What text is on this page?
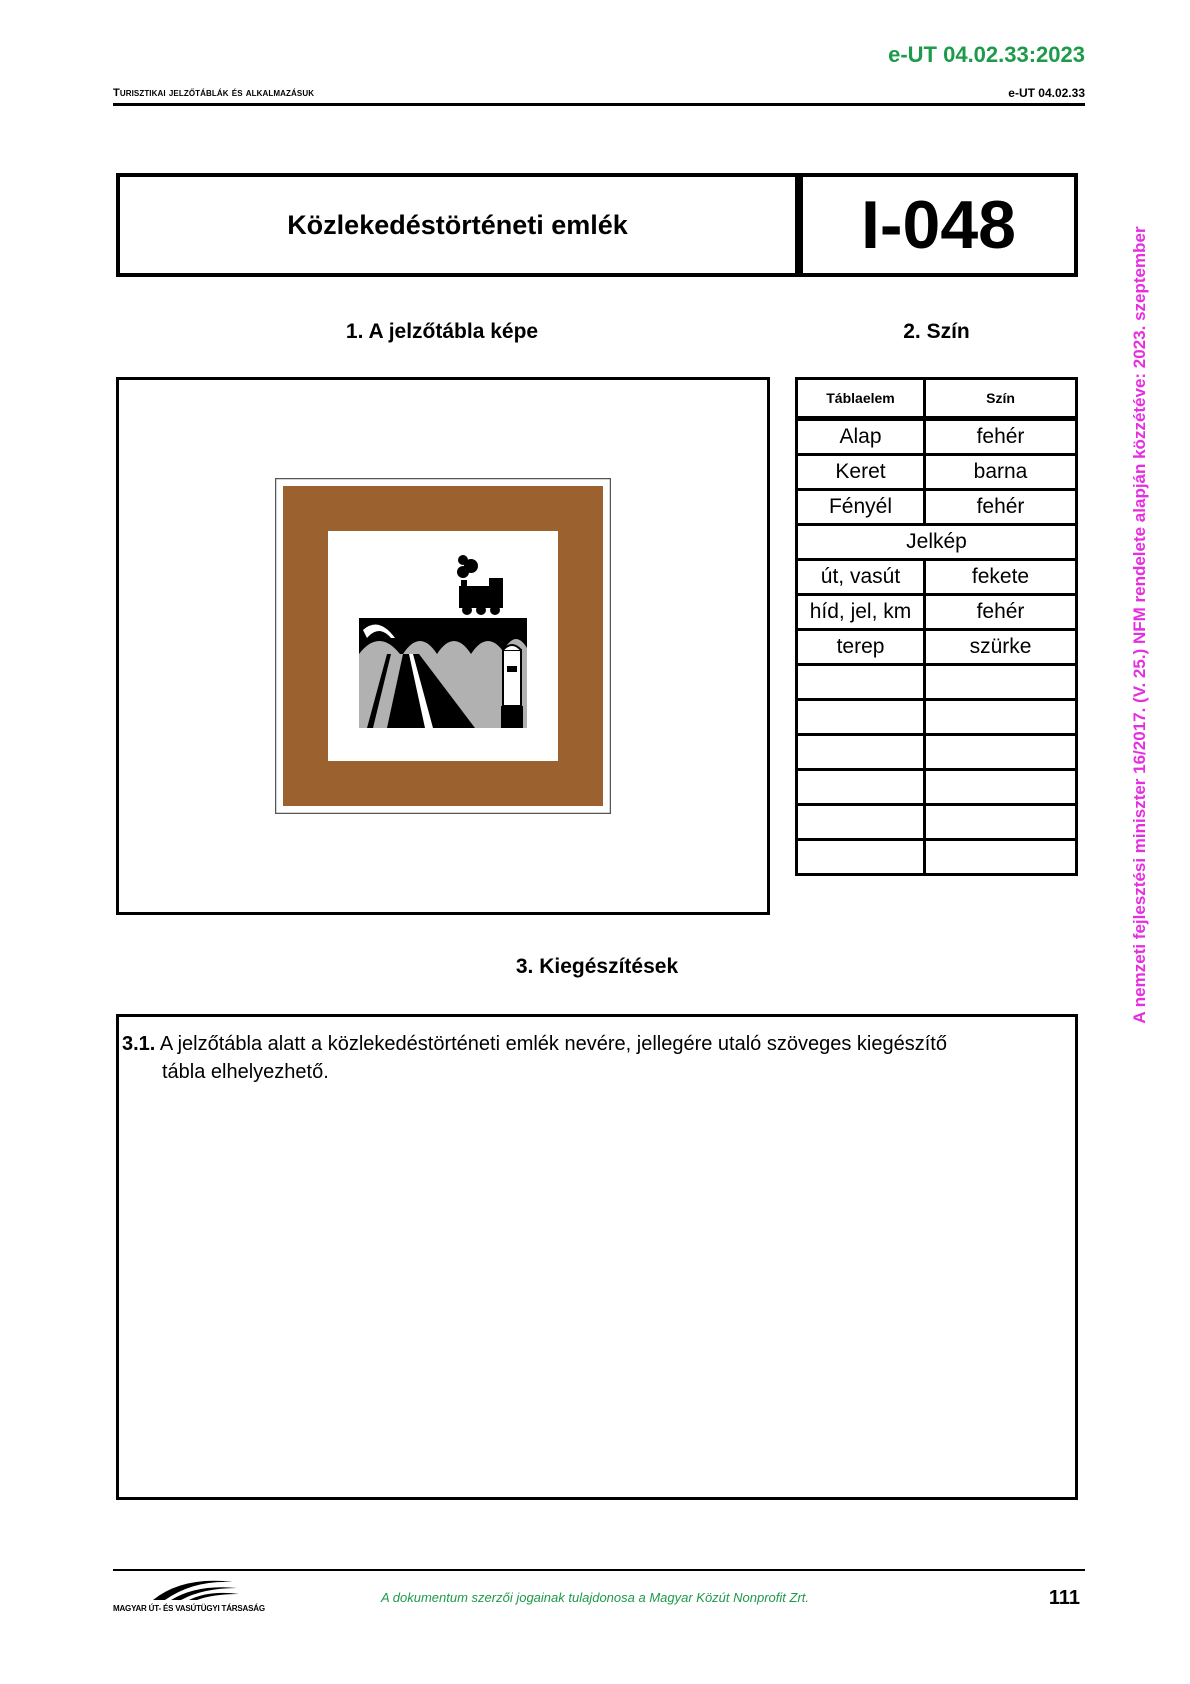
e-UT 04.02.33:2023
Turisztikai jelzőtáblák és alkalmazásuk	e-UT 04.02.33
A nemzeti fejlesztési miniszter 16/2017. (V. 25.) NFM rendelete alapján közzétéve: 2023. szeptember
Közlekedéstörténeti emlék	I-048
1. A jelzőtábla képe	2. Szín
Táblaelem	Szín
Alap	fehér
Keret	barna
Fényél	fehér
Jelkép	
út, vasút	fekete
híd, jel, km	fehér
terep	szürke

3. Kiegészítések
3.1. A jelzőtábla alatt a közlekedéstörténeti emlék nevére, jellegére utaló szöveges kiegészítő
tábla elhelyezhető.
MAGYAR ÚT- ÉS VASÚTÜGYI TÁRSASÁG
A dokumentum szerzői jogainak tulajdonosa a Magyar Közút Nonprofit Zrt.	111
